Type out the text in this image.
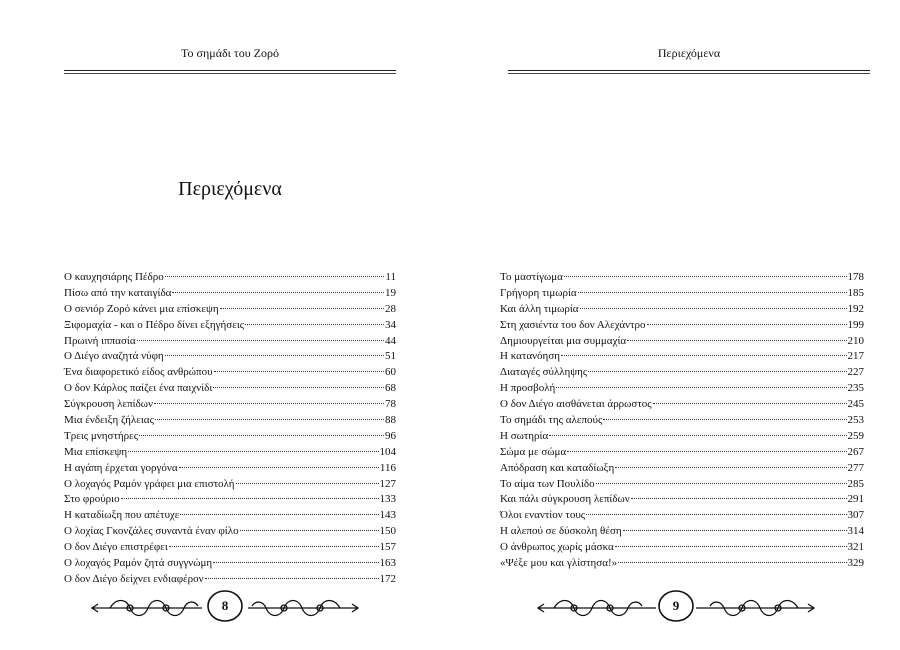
Το σημάδι του Ζορό
Περιεχόμενα
Ο καυχησιάρης Πέδρο	11
Πίσω από την καταιγίδα	19
Ο σενιόρ Ζορό κάνει μια επίσκεψη	28
Ξιφομαχία - και ο Πέδρο δίνει εξηγήσεις	34
Πρωινή ιππασία	44
Ο Διέγο αναζητά νύφη	51
Ένα διαφορετικό είδος ανθρώπου	60
Ο δον Κάρλος παίζει ένα παιχνίδι	68
Σύγκρουση λεπίδων	78
Μια ένδειξη ζήλειας	88
Τρεις μνηστήρες	96
Μια επίσκεψη	104
Η αγάπη έρχεται γοργόνα	116
Ο λοχαγός Ραμόν γράφει μια επιστολή	127
Στο φρούριο	133
Η καταδίωξη που απέτυχε	143
Ο λοχίας Γκονζάλες συναντά έναν φίλο	150
Ο δον Διέγο επιστρέφει	157
Ο λοχαγός Ραμόν ζητά συγγνώμη	163
Ο δον Διέγο δείχνει ενδιαφέρον	172
8
Περιεχόμενα
Το μαστίγωμα	178
Γρήγορη τιμωρία	185
Και άλλη τιμωρία	192
Στη χασιέντα του δον Αλεχάντρο	199
Δημιουργείται μια συμμαχία	210
Η κατανόηση	217
Διαταγές σύλληψης	227
Η προσβολή	235
Ο δον Διέγο αισθάνεται άρρωστος	245
Το σημάδι της αλεπούς	253
Η σωτηρία	259
Σώμα με σώμα	267
Απόδραση και καταδίωξη	277
Το αίμα των Πουλίδο	285
Και πάλι σύγκρουση λεπίδων	291
Όλοι εναντίον τους	307
Η αλεπού σε δύσκολη θέση	314
Ο άνθρωπος χωρίς μάσκα	321
«Ψέξε μου και γλίστησα!»	329
9
